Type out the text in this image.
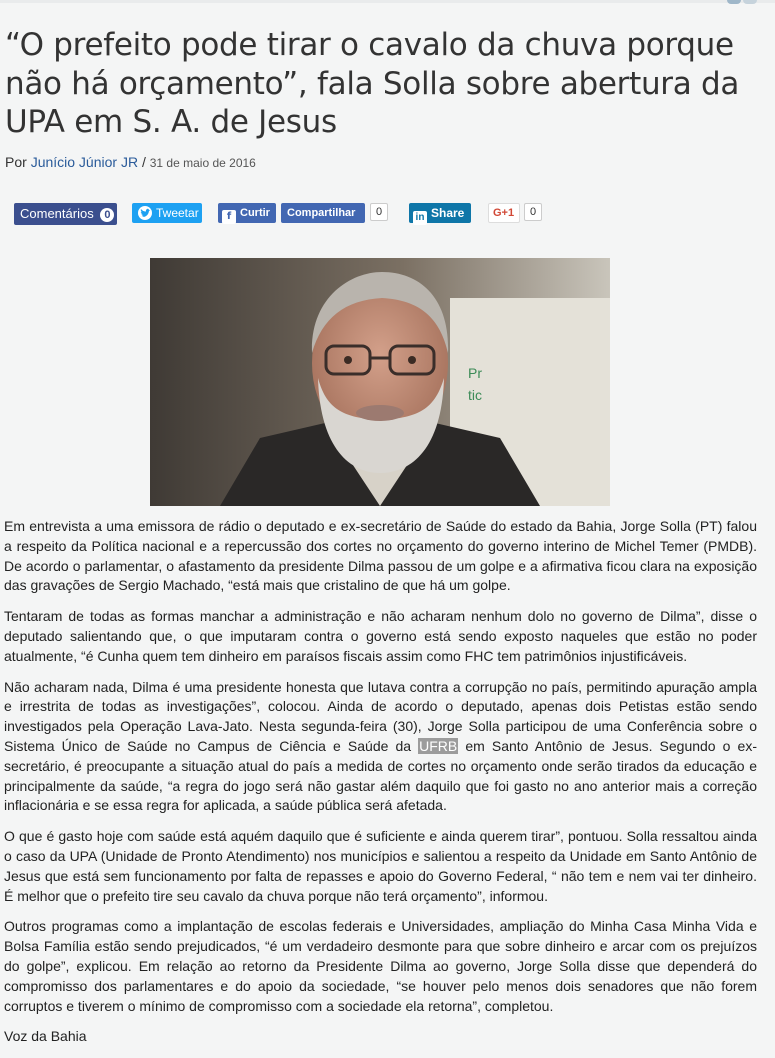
“O prefeito pode tirar o cavalo da chuva porque não há orçamento”, fala Solla sobre abertura da UPA em S. A. de Jesus
Por Junício Júnior JR / 31 de maio de 2016
Comentários 0	Tweetar	f Curtir	Compartilhar	0	in Share	G+1	0
Pr
tic

Em entrevista a uma emissora de rádio o deputado e ex-secretário de Saúde do estado da Bahia, Jorge Solla (PT) falou a respeito da Política nacional e a repercussão dos cortes no orçamento do governo interino de Michel Temer (PMDB). De acordo o parlamentar, o afastamento da presidente Dilma passou de um golpe e a afirmativa ficou clara na exposição das gravações de Sergio Machado, “está mais que cristalino de que há um golpe.

Tentaram de todas as formas manchar a administração e não acharam nenhum dolo no governo de Dilma”, disse o deputado salientando que, o que imputaram contra o governo está sendo exposto naqueles que estão no poder atualmente, “é Cunha quem tem dinheiro em paraísos fiscais assim como FHC tem patrimônios injustificáveis.

Não acharam nada, Dilma é uma presidente honesta que lutava contra a corrupção no país, permitindo apuração ampla e irrestrita de todas as investigações”, colocou. Ainda de acordo o deputado, apenas dois Petistas estão sendo investigados pela Operação Lava-Jato. Nesta segunda-feira (30), Jorge Solla participou de uma Conferência sobre o Sistema Único de Saúde no Campus de Ciência e Saúde da UFRB em Santo Antônio de Jesus. Segundo o ex-secretário, é preocupante a situação atual do país a medida de cortes no orçamento onde serão tirados da educação e principalmente da saúde, “a regra do jogo será não gastar além daquilo que foi gasto no ano anterior mais a correção inflacionária e se essa regra for aplicada, a saúde pública será afetada.

O que é gasto hoje com saúde está aquém daquilo que é suficiente e ainda querem tirar”, pontuou. Solla ressaltou ainda o caso da UPA (Unidade de Pronto Atendimento) nos municípios e salientou a respeito da Unidade em Santo Antônio de Jesus que está sem funcionamento por falta de repasses e apoio do Governo Federal, “ não tem e nem vai ter dinheiro. É melhor que o prefeito tire seu cavalo da chuva porque não terá orçamento”, informou.

Outros programas como a implantação de escolas federais e Universidades, ampliação do Minha Casa Minha Vida e Bolsa Família estão sendo prejudicados, “é um verdadeiro desmonte para que sobre dinheiro e arcar com os prejuízos do golpe”, explicou. Em relação ao retorno da Presidente Dilma ao governo, Jorge Solla disse que dependerá do compromisso dos parlamentares e do apoio da sociedade, “se houver pelo menos dois senadores que não forem corruptos e tiverem o mínimo de compromisso com a sociedade ela retorna”, completou.

Voz da Bahia
